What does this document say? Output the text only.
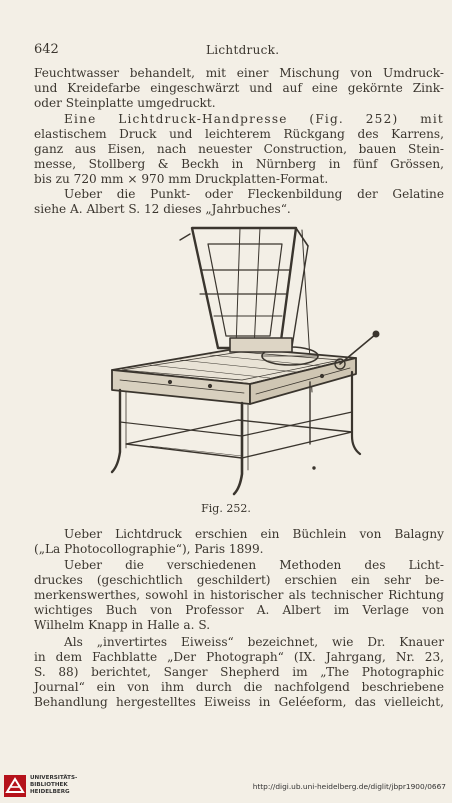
642	Lichtdruck.
Feuchtwasser behandelt, mit einer Mischung von Umdruck-
und Kreidefarbe eingeschwärzt und auf eine gekörnte Zink-
oder Steinplatte umgedruckt.
Eine Lichtdruck-Handpresse (Fig. 252) mit
elastischem Druck und leichterem Rückgang des Karrens,
ganz aus Eisen, nach neuester Construction, bauen Stein-
messe, Stollberg & Beckh in Nürnberg in fünf Grössen,
bis zu 720 mm × 970 mm Druckplatten-Format.
Ueber die Punkt- oder Fleckenbildung der Gelatine
siehe A. Albert S. 12 dieses „Jahrbuches“.
Fig. 252.
Ueber Lichtdruck erschien ein Büchlein von Balagny
(„La Photocollographie“), Paris 1899.
Ueber die verschiedenen Methoden des Licht-
druckes (geschichtlich geschildert) erschien ein sehr be-
merkenswerthes, sowohl in historischer als technischer Richtung
wichtiges Buch von Professor A. Albert im Verlage von
Wilhelm Knapp in Halle a. S.
Als „invertirtes Eiweiss“ bezeichnet, wie Dr. Knauer
in dem Fachblatte „Der Photograph“ (IX. Jahrgang, Nr. 23,
S. 88) berichtet, Sanger Shepherd im „The Photographic
Journal“ ein von ihm durch die nachfolgend beschriebene
Behandlung hergestelltes Eiweiss in Geléeform, das vielleicht,
UNIVERSITÄTS-
BIBLIOTHEK
HEIDELBERG
http://digi.ub.uni-heidelberg.de/diglit/jbpr1900/0667
